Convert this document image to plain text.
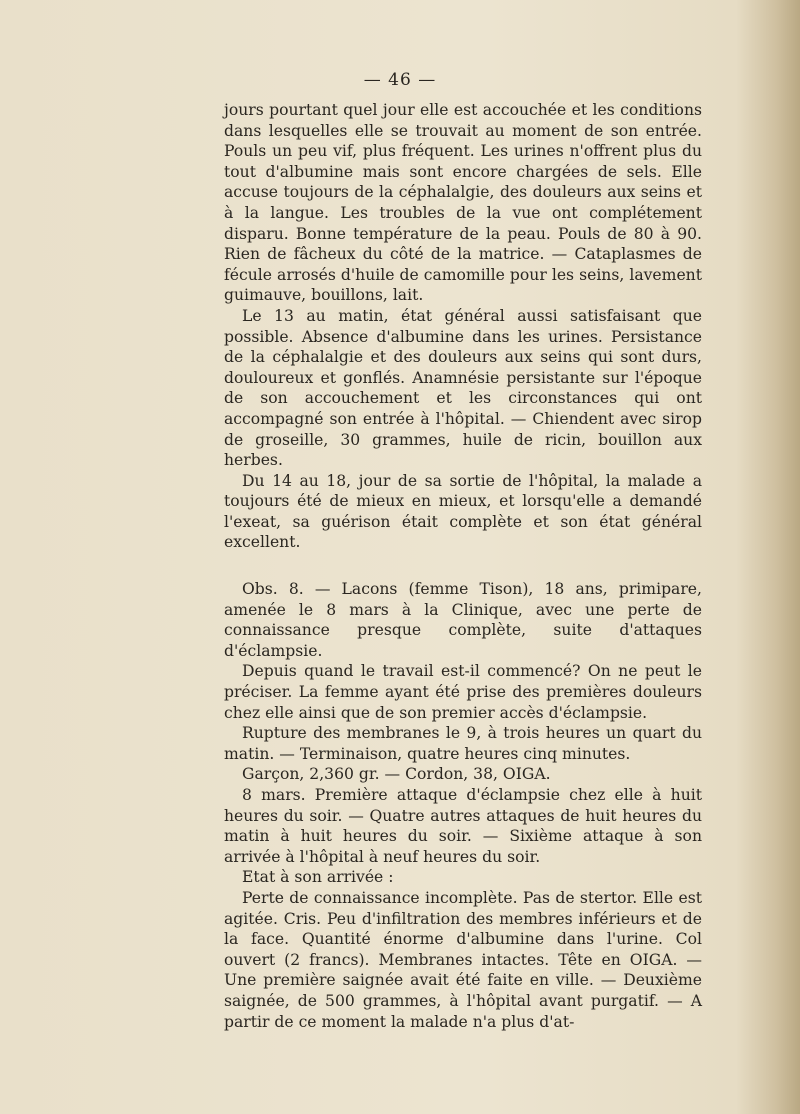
— 46 —

jours pourtant quel jour elle est accouchée et les conditions dans lesquelles elle se trouvait au moment de son entrée. Pouls un peu vif, plus fréquent. Les urines n'offrent plus du tout d'albumine mais sont encore chargées de sels. Elle accuse toujours de la céphalalgie, des douleurs aux seins et à la langue. Les troubles de la vue ont complétement disparu. Bonne température de la peau. Pouls de 80 à 90. Rien de fâcheux du côté de la matrice. — Cataplasmes de fécule arrosés d'huile de camomille pour les seins, lavement guimauve, bouillons, lait.

Le 13 au matin, état général aussi satisfaisant que possible. Absence d'albumine dans les urines. Persistance de la céphalalgie et des douleurs aux seins qui sont durs, douloureux et gonflés. Anamnésie persistante sur l'époque de son accouchement et les circonstances qui ont accompagné son entrée à l'hôpital. — Chiendent avec sirop de groseille, 30 grammes, huile de ricin, bouillon aux herbes.

Du 14 au 18, jour de sa sortie de l'hôpital, la malade a toujours été de mieux en mieux, et lorsqu'elle a demandé l'exeat, sa guérison était complète et son état général excellent.

Obs. 8. — Lacons (femme Tison), 18 ans, primipare, amenée le 8 mars à la Clinique, avec une perte de connaissance presque complète, suite d'attaques d'éclampsie.

Depuis quand le travail est-il commencé? On ne peut le préciser. La femme ayant été prise des premières douleurs chez elle ainsi que de son premier accès d'éclampsie.

Rupture des membranes le 9, à trois heures un quart du matin. — Terminaison, quatre heures cinq minutes.

Garçon, 2,360 gr. — Cordon, 38, OIGA.

8 mars. Première attaque d'éclampsie chez elle à huit heures du soir. — Quatre autres attaques de huit heures du matin à huit heures du soir. — Sixième attaque à son arrivée à l'hôpital à neuf heures du soir.

Etat à son arrivée :

Perte de connaissance incomplète. Pas de stertor. Elle est agitée. Cris. Peu d'infiltration des membres inférieurs et de la face. Quantité énorme d'albumine dans l'urine. Col ouvert (2 francs). Membranes intactes. Tête en OIGA. — Une première saignée avait été faite en ville. — Deuxième saignée, de 500 grammes, à l'hôpital avant purgatif. — A partir de ce moment la malade n'a plus d'at-
